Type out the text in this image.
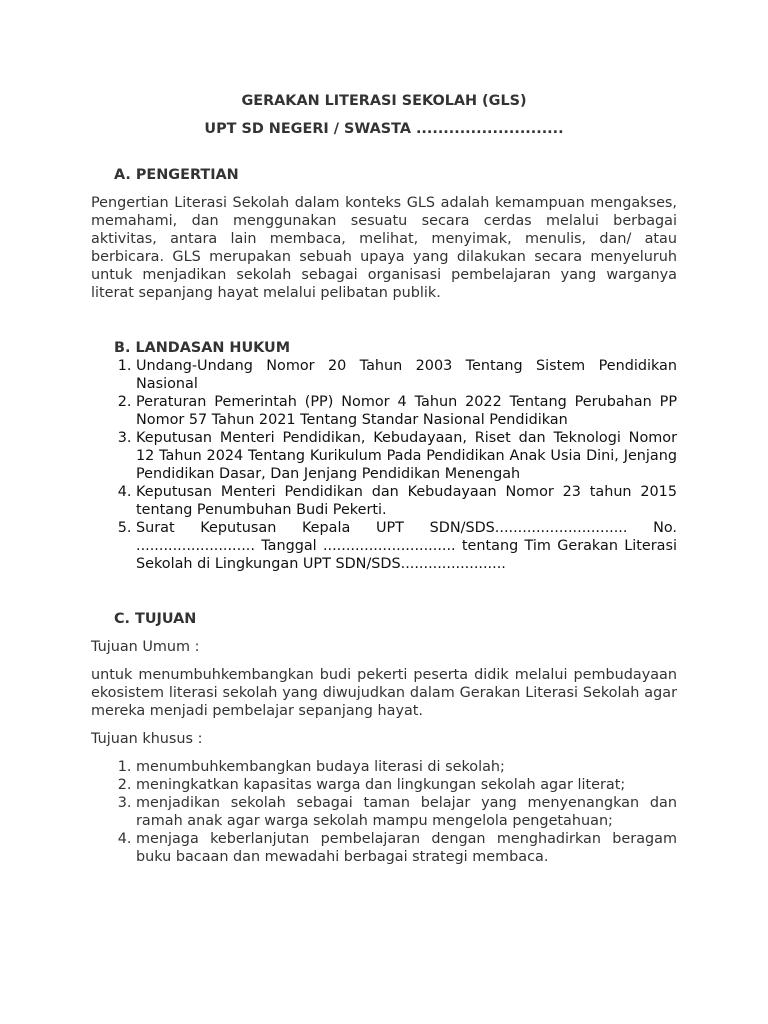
GERAKAN LITERASI SEKOLAH (GLS)

UPT SD NEGERI / SWASTA ...........................

A. PENGERTIAN

Pengertian Literasi Sekolah dalam konteks GLS adalah kemampuan mengakses, memahami, dan menggunakan sesuatu secara cerdas melalui berbagai aktivitas, antara lain membaca, melihat, menyimak, menulis, dan/ atau berbicara. GLS merupakan sebuah upaya yang dilakukan secara menyeluruh untuk menjadikan sekolah sebagai organisasi pembelajaran yang warganya literat sepanjang hayat melalui pelibatan publik.

B. LANDASAN HUKUM

1. Undang-Undang Nomor 20 Tahun 2003 Tentang Sistem Pendidikan Nasional
2. Peraturan Pemerintah (PP) Nomor 4 Tahun 2022 Tentang Perubahan PP Nomor 57 Tahun 2021 Tentang Standar Nasional Pendidikan
3. Keputusan Menteri Pendidikan, Kebudayaan, Riset dan Teknologi Nomor 12 Tahun 2024 Tentang Kurikulum Pada Pendidikan Anak Usia Dini, Jenjang Pendidikan Dasar, Dan Jenjang Pendidikan Menengah
4. Keputusan Menteri Pendidikan dan Kebudayaan Nomor 23 tahun 2015 tentang Penumbuhan Budi Pekerti.
5. Surat Keputusan Kepala UPT SDN/SDS............................. No. .......................... Tanggal ............................. tentang Tim Gerakan Literasi Sekolah di Lingkungan UPT SDN/SDS.......................

C. TUJUAN

Tujuan Umum :

untuk menumbuhkembangkan budi pekerti peserta didik melalui pembudayaan ekosistem literasi sekolah yang diwujudkan dalam Gerakan Literasi Sekolah agar mereka menjadi pembelajar sepanjang hayat.

Tujuan khusus :

1. menumbuhkembangkan budaya literasi di sekolah;
2. meningkatkan kapasitas warga dan lingkungan sekolah agar literat;
3. menjadikan sekolah sebagai taman belajar yang menyenangkan dan ramah anak agar warga sekolah mampu mengelola pengetahuan;
4. menjaga keberlanjutan pembelajaran dengan menghadirkan beragam buku bacaan dan mewadahi berbagai strategi membaca.
